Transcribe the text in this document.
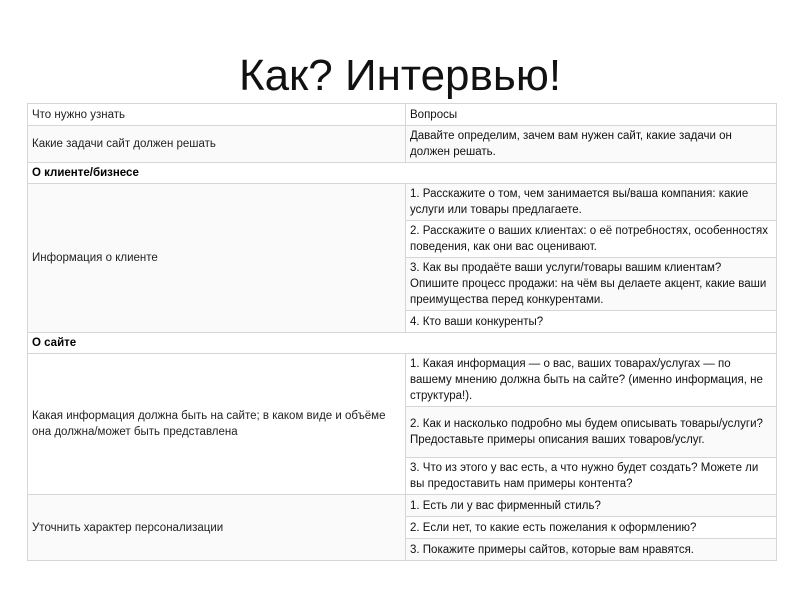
Как? Интервью!
Что нужно узнать	Вопросы
Какие задачи сайт должен решать	Давайте определим, зачем вам нужен сайт, какие задачи он должен решать.
О клиенте/бизнесе	
Информация о клиенте	1. Расскажите о том, чем занимается вы/ваша компания: какие услуги или товары предлагаете.
	2. Расскажите о ваших клиентах: о её потребностях, особенностях поведения, как они вас оценивают.
	3. Как вы продаёте ваши услуги/товары вашим клиентам? Опишите процесс продажи: на чём вы делаете акцент, какие ваши преимущества перед конкурентами.
	4. Кто ваши конкуренты?
О сайте	
Какая информация должна быть на сайте; в каком виде и объёме она должна/может быть представлена	1. Какая информация — о вас, ваших товарах/услугах — по вашему мнению должна быть на сайте? (именно информация, не структура!).
	2. Как и насколько подробно мы будем описывать товары/услуги? Предоставьте примеры описания ваших товаров/услуг.
	3. Что из этого у вас есть, а что нужно будет создать? Можете ли вы предоставить нам примеры контента?
Уточнить характер персонализации	1. Есть ли у вас фирменный стиль?
	2. Если нет, то какие есть пожелания к оформлению?
	3. Покажите примеры сайтов, которые вам нравятся.
